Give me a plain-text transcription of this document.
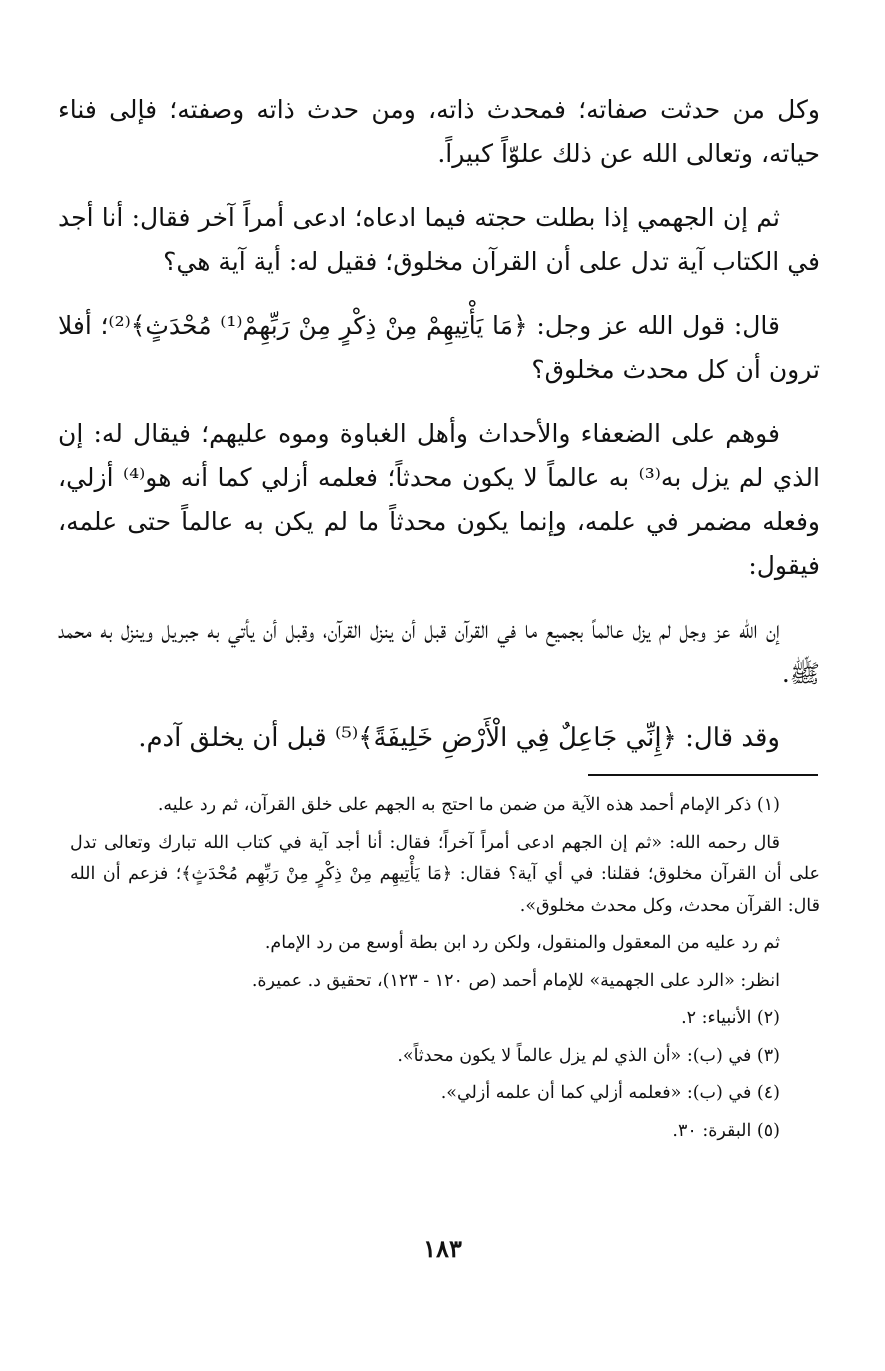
وكل من حدثت صفاته؛ فمحدث ذاته، ومن حدث ذاته وصفته؛ فإلى فناء حياته، وتعالى الله عن ذلك علوّاً كبيراً.

ثم إن الجهمي إذا بطلت حجته فيما ادعاه؛ ادعى أمراً آخر فقال: أنا أجد في الكتاب آية تدل على أن القرآن مخلوق؛ فقيل له: أية آية هي؟

قال: قول الله عز وجل: ﴿مَا يَأْتِيهِمْ مِنْ ذِكْرٍ مِنْ رَبِّهِمْ⁽¹⁾ مُحْدَثٍ﴾⁽²⁾؛ أفلا ترون أن كل محدث مخلوق؟

فوهم على الضعفاء والأحداث وأهل الغباوة وموه عليهم؛ فيقال له: إن الذي لم يزل به⁽³⁾ به عالماً لا يكون محدثاً؛ فعلمه أزلي كما أنه هو⁽⁴⁾ أزلي، وفعله مضمر في علمه، وإنما يكون محدثاً ما لم يكن به عالماً حتى علمه، فيقول:

إن الله عز وجل لم يزل عالماً بجميع ما في القرآن قبل أن ينزل القرآن، وقبل أن يأتي به جبريل وينزل به محمد ﷺ.

وقد قال: ﴿إِنِّي جَاعِلٌ فِي الْأَرْضِ خَلِيفَةً﴾⁽⁵⁾ قبل أن يخلق آدم.

(١) ذكر الإمام أحمد هذه الآية من ضمن ما احتج به الجهم على خلق القرآن، ثم رد عليه.

قال رحمه الله: «ثم إن الجهم ادعى أمراً آخراً؛ فقال: أنا أجد آية في كتاب الله تبارك وتعالى تدل على أن القرآن مخلوق؛ فقلنا: في أي آية؟ فقال: ﴿مَا يَأْتِيهِم مِنْ ذِكْرٍ مِنْ رَبِّهِم مُحْدَثٍ﴾؛ فزعم أن الله قال: القرآن محدث، وكل محدث مخلوق».

ثم رد عليه من المعقول والمنقول، ولكن رد ابن بطة أوسع من رد الإمام.

انظر: «الرد على الجهمية» للإمام أحمد (ص ١٢٠ - ١٢٣)، تحقيق د. عميرة.

(٢) الأنبياء: ٢.

(٣) في (ب): «أن الذي لم يزل عالماً لا يكون محدثاً».

(٤) في (ب): «فعلمه أزلي كما أن علمه أزلي».

(٥) البقرة: ٣٠.

١٨٣
